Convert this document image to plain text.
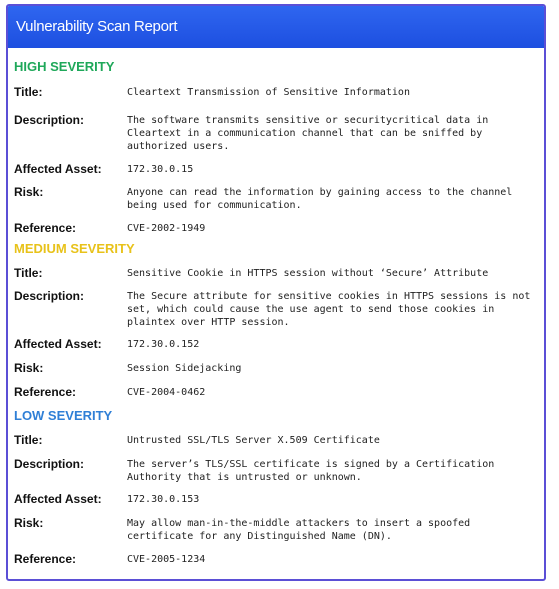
Vulnerability Scan Report
HIGH SEVERITY
Title:	Cleartext Transmission of Sensitive Information
Description:	The software transmits sensitive or securitycritical data in Cleartext in a communication channel that can be sniffed by authorized users.
Affected Asset:	172.30.0.15
Risk:	Anyone can read the information by gaining access to the channel being used for communication.
Reference:	CVE-2002-1949
MEDIUM SEVERITY
Title:	Sensitive Cookie in HTTPS session without ‘Secure’ Attribute
Description:	The Secure attribute for sensitive cookies in HTTPS sessions is not set, which could cause the use agent to send those cookies in plaintex over HTTP session.
Affected Asset:	172.30.0.152
Risk:	Session Sidejacking
Reference:	CVE-2004-0462
LOW SEVERITY
Title:	Untrusted SSL/TLS Server X.509 Certificate
Description:	The server’s TLS/SSL certificate is signed by a Certification Authority that is untrusted or unknown.
Affected Asset:	172.30.0.153
Risk:	May allow man-in-the-middle attackers to insert a spoofed certificate for any Distinguished Name (DN).
Reference:	CVE-2005-1234
